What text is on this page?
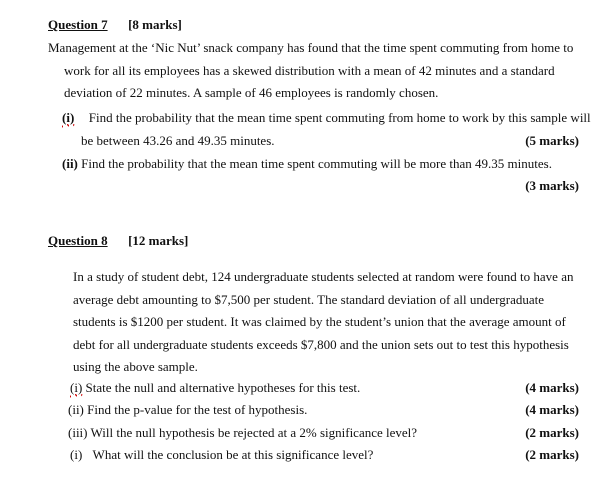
Question 7 [8 marks]
Management at the ‘Nic Nut’ snack company has found that the time spent commuting from home to
work for all its employees has a skewed distribution with a mean of 42 minutes and a standard
deviation of 22 minutes. A sample of 46 employees is randomly chosen.
(i) Find the probability that the mean time spent commuting from home to work by this sample will
be between 43.26 and 49.35 minutes.	(5 marks)
(ii) Find the probability that the mean time spent commuting will be more than 49.35 minutes.
(3 marks)
Question 8 [12 marks]
In a study of student debt, 124 undergraduate students selected at random were found to have an
average debt amounting to $7,500 per student. The standard deviation of all undergraduate
students is $1200 per student. It was claimed by the student’s union that the average amount of
debt for all undergraduate students exceeds $7,800 and the union sets out to test this hypothesis
using the above sample.
(i) State the null and alternative hypotheses for this test.	(4 marks)
(ii) Find the p-value for the test of hypothesis.	(4 marks)
(iii) Will the null hypothesis be rejected at a 2% significance level?	(2 marks)
(i) What will the conclusion be at this significance level?	(2 marks)
